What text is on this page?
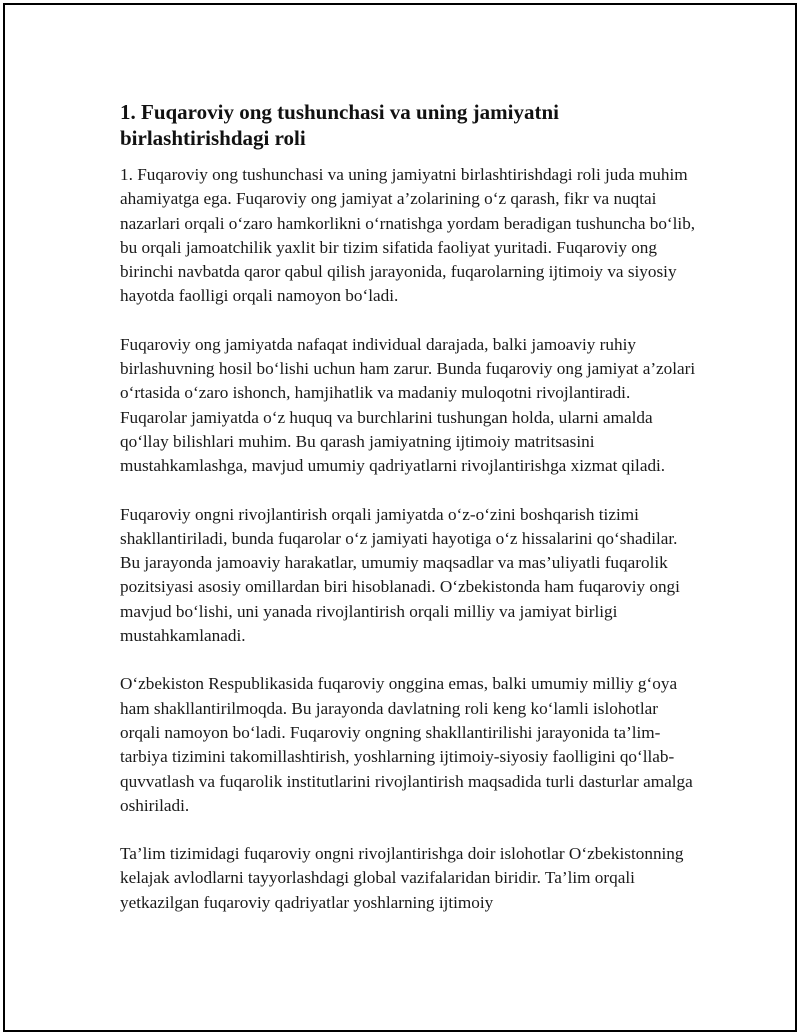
1. Fuqaroviy ong tushunchasi va uning jamiyatni birlashtirishdagi roli

1. Fuqaroviy ong tushunchasi va uning jamiyatni birlashtirishdagi roli juda muhim ahamiyatga ega. Fuqaroviy ong jamiyat a’zolarining o‘z qarash, fikr va nuqtai nazarlari orqali o‘zaro hamkorlikni o‘rnatishga yordam beradigan tushuncha bo‘lib, bu orqali jamoatchilik yaxlit bir tizim sifatida faoliyat yuritadi. Fuqaroviy ong birinchi navbatda qaror qabul qilish jarayonida, fuqarolarning ijtimoiy va siyosiy hayotda faolligi orqali namoyon bo‘ladi.

Fuqaroviy ong jamiyatda nafaqat individual darajada, balki jamoaviy ruhiy birlashuvning hosil bo‘lishi uchun ham zarur. Bunda fuqaroviy ong jamiyat a’zolari o‘rtasida o‘zaro ishonch, hamjihatlik va madaniy muloqotni rivojlantiradi. Fuqarolar jamiyatda o‘z huquq va burchlarini tushungan holda, ularni amalda qo‘llay bilishlari muhim. Bu qarash jamiyatning ijtimoiy matritsasini mustahkamlashga, mavjud umumiy qadriyatlarni rivojlantirishga xizmat qiladi.

Fuqaroviy ongni rivojlantirish orqali jamiyatda o‘z-o‘zini boshqarish tizimi shakllantiriladi, bunda fuqarolar o‘z jamiyati hayotiga o‘z hissalarini qo‘shadilar. Bu jarayonda jamoaviy harakatlar, umumiy maqsadlar va mas’uliyatli fuqarolik pozitsiyasi asosiy omillardan biri hisoblanadi. O‘zbekistonda ham fuqaroviy ongi mavjud bo‘lishi, uni yanada rivojlantirish orqali milliy va jamiyat birligi mustahkamlanadi.

O‘zbekiston Respublikasida fuqaroviy onggina emas, balki umumiy milliy g‘oya ham shakllantirilmoqda. Bu jarayonda davlatning roli keng ko‘lamli islohotlar orqali namoyon bo‘ladi. Fuqaroviy ongning shakllantirilishi jarayonida ta’lim-tarbiya tizimini takomillashtirish, yoshlarning ijtimoiy-siyosiy faolligini qo‘llab-quvvatlash va fuqarolik institutlarini rivojlantirish maqsadida turli dasturlar amalga oshiriladi.

Ta’lim tizimidagi fuqaroviy ongni rivojlantirishga doir islohotlar O‘zbekistonning kelajak avlodlarni tayyorlashdagi global vazifalaridan biridir. Ta’lim orqali yetkazilgan fuqaroviy qadriyatlar yoshlarning ijtimoiy
